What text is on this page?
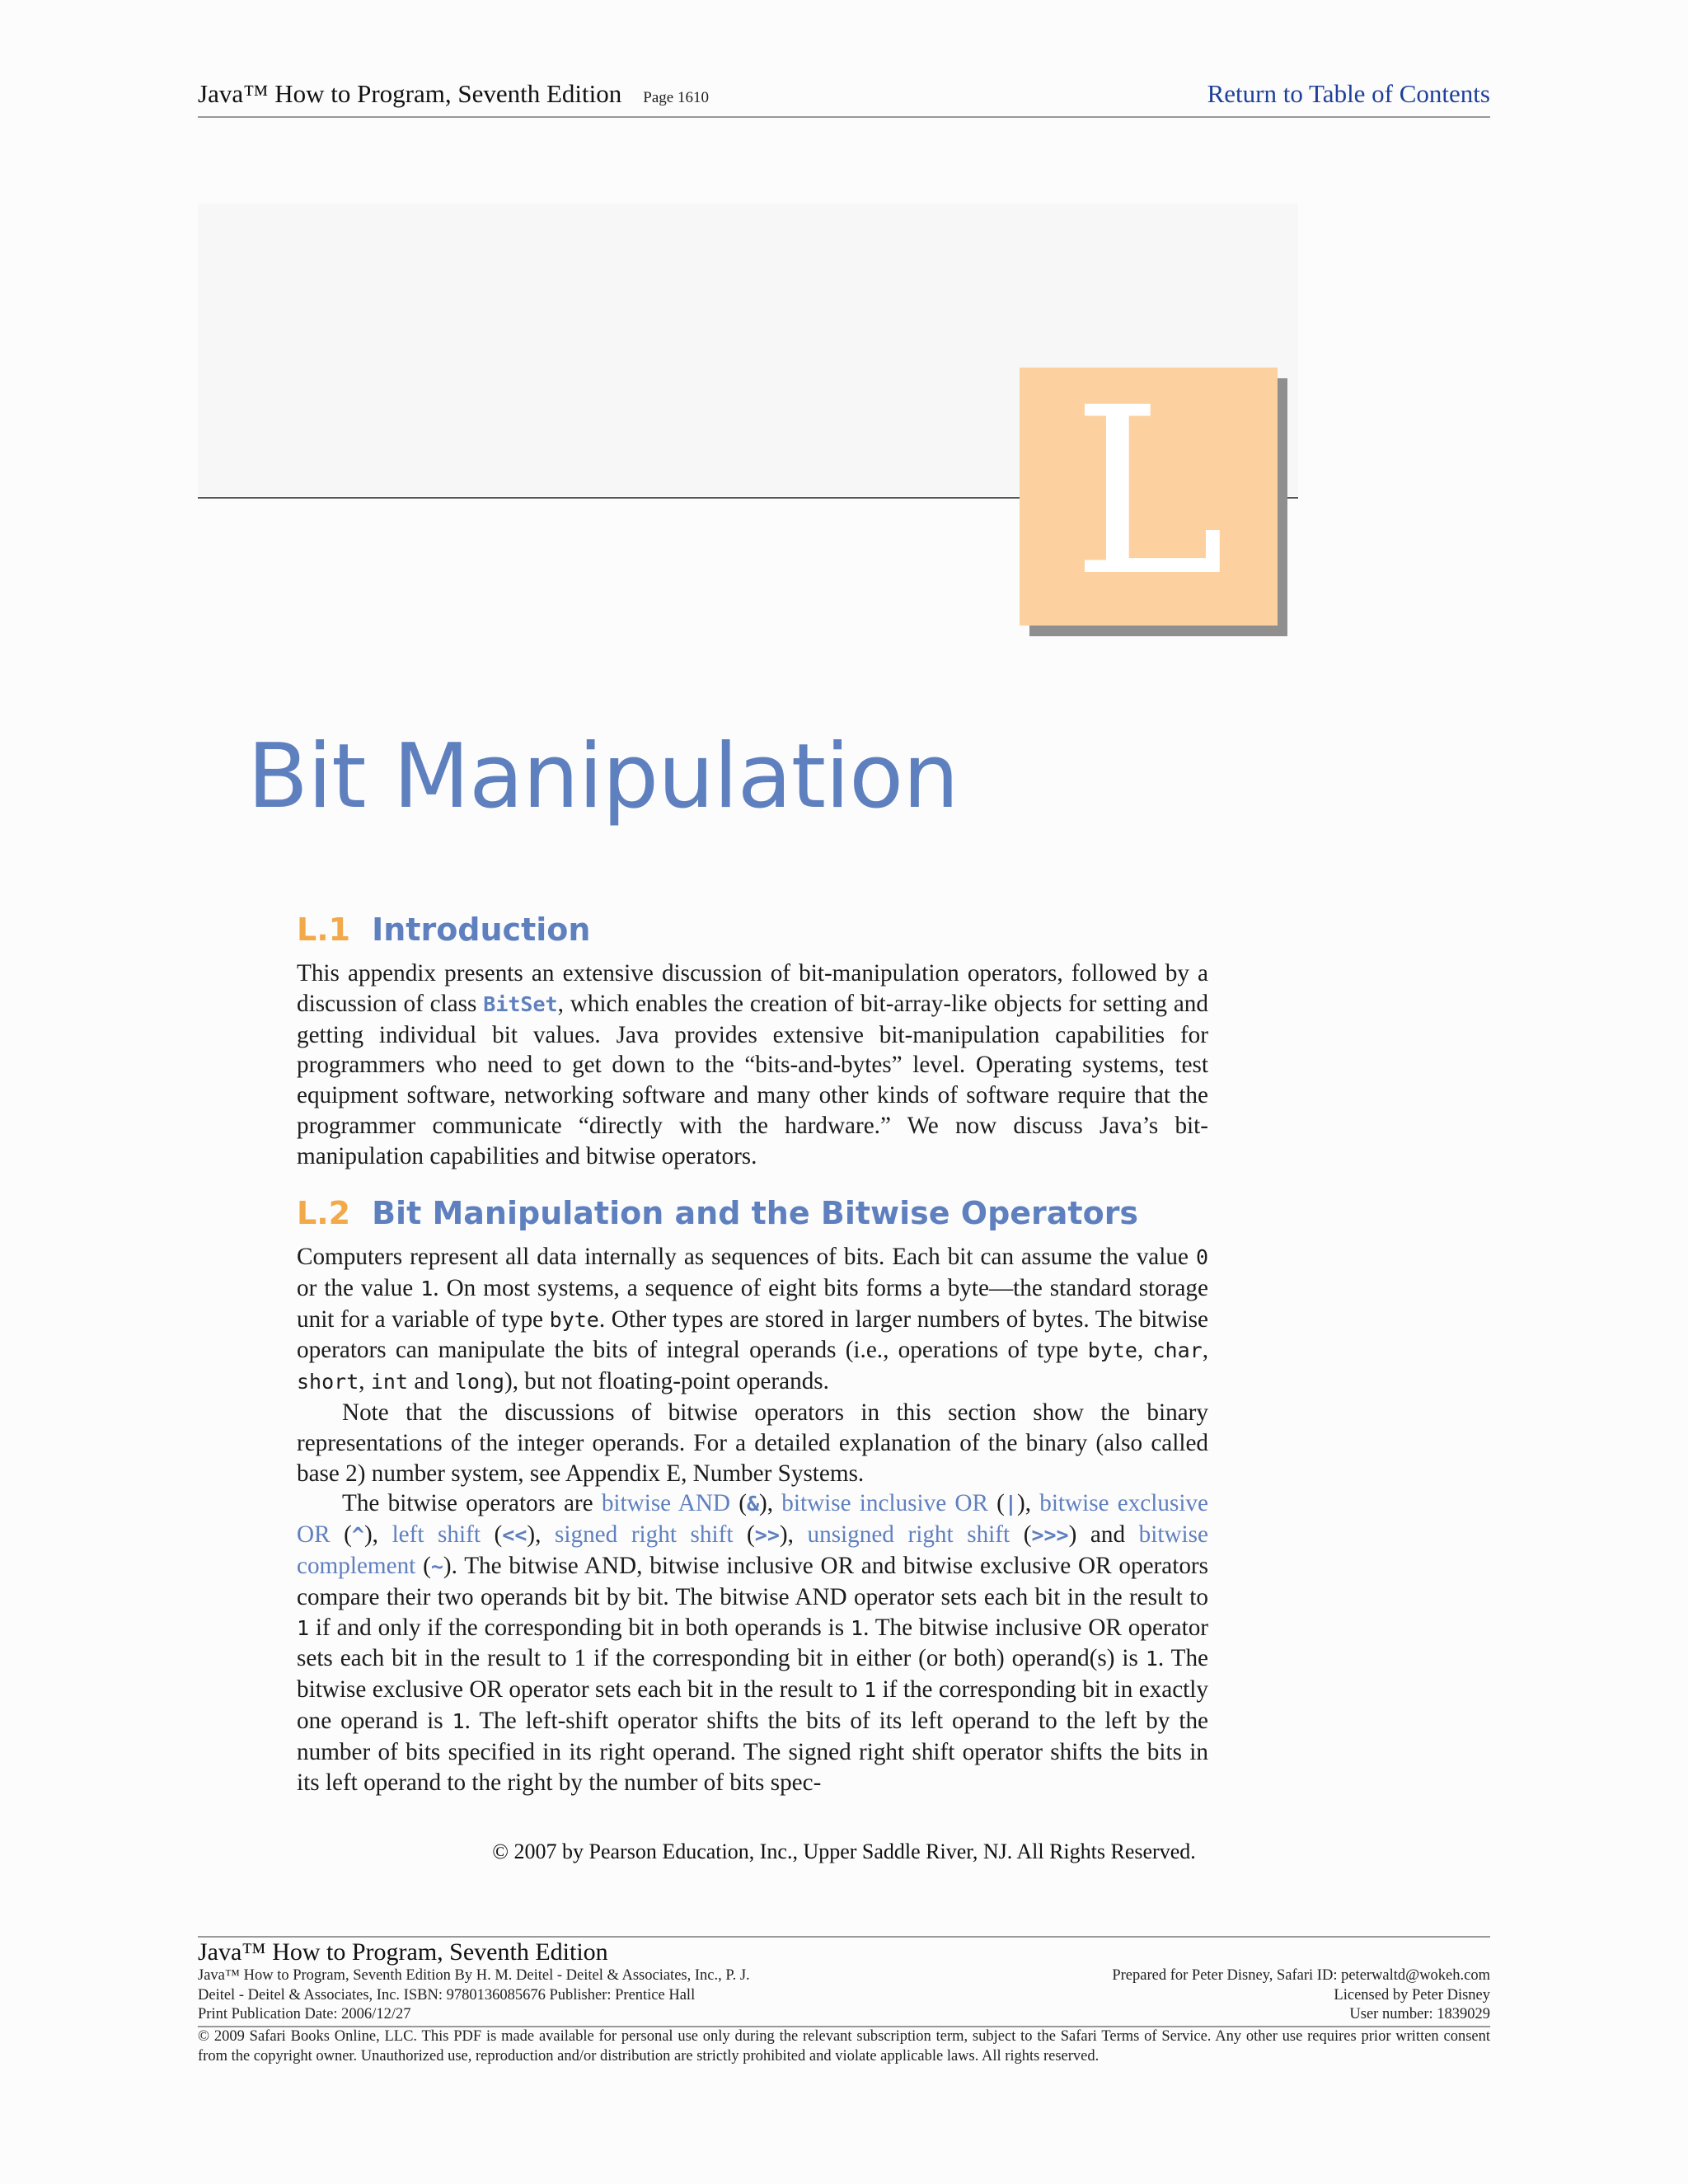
Java™ How to Program, Seventh Edition Page 1610	Return to Table of Contents
L
Bit Manipulation
L.1 Introduction

This appendix presents an extensive discussion of bit-manipulation operators, followed by a discussion of class BitSet, which enables the creation of bit-array-like objects for setting and getting individual bit values. Java provides extensive bit-manipulation capabilities for programmers who need to get down to the “bits-and-bytes” level. Operating systems, test equipment software, networking software and many other kinds of software require that the programmer communicate “directly with the hardware.” We now discuss Java’s bit-manipulation capabilities and bitwise operators.

L.2 Bit Manipulation and the Bitwise Operators

Computers represent all data internally as sequences of bits. Each bit can assume the value 0 or the value 1. On most systems, a sequence of eight bits forms a byte—the standard storage unit for a variable of type byte. Other types are stored in larger numbers of bytes. The bitwise operators can manipulate the bits of integral operands (i.e., operations of type byte, char, short, int and long), but not floating-point operands.

Note that the discussions of bitwise operators in this section show the binary representations of the integer operands. For a detailed explanation of the binary (also called base 2) number system, see Appendix E, Number Systems.

The bitwise operators are bitwise AND (&), bitwise inclusive OR (|), bitwise exclusive OR (^), left shift (<<), signed right shift (>>), unsigned right shift (>>>) and bitwise complement (~). The bitwise AND, bitwise inclusive OR and bitwise exclusive OR operators compare their two operands bit by bit. The bitwise AND operator sets each bit in the result to 1 if and only if the corresponding bit in both operands is 1. The bitwise inclusive OR operator sets each bit in the result to 1 if the corresponding bit in either (or both) operand(s) is 1. The bitwise exclusive OR operator sets each bit in the result to 1 if the corresponding bit in exactly one operand is 1. The left-shift operator shifts the bits of its left operand to the left by the number of bits specified in its right operand. The signed right shift operator shifts the bits in its left operand to the right by the number of bits spec-

© 2007 by Pearson Education, Inc., Upper Saddle River, NJ. All Rights Reserved.
Java™ How to Program, Seventh Edition
Java™ How to Program, Seventh Edition By H. M. Deitel - Deitel & Associates, Inc., P. J.
Deitel - Deitel & Associates, Inc. ISBN: 9780136085676 Publisher: Prentice Hall
Print Publication Date: 2006/12/27
Prepared for Peter Disney, Safari ID: peterwaltd@wokeh.com
Licensed by Peter Disney
User number: 1839029
© 2009 Safari Books Online, LLC. This PDF is made available for personal use only during the relevant subscription term, subject to the Safari Terms of Service. Any other use requires prior written consent from the copyright owner. Unauthorized use, reproduction and/or distribution are strictly prohibited and violate applicable laws. All rights reserved.
